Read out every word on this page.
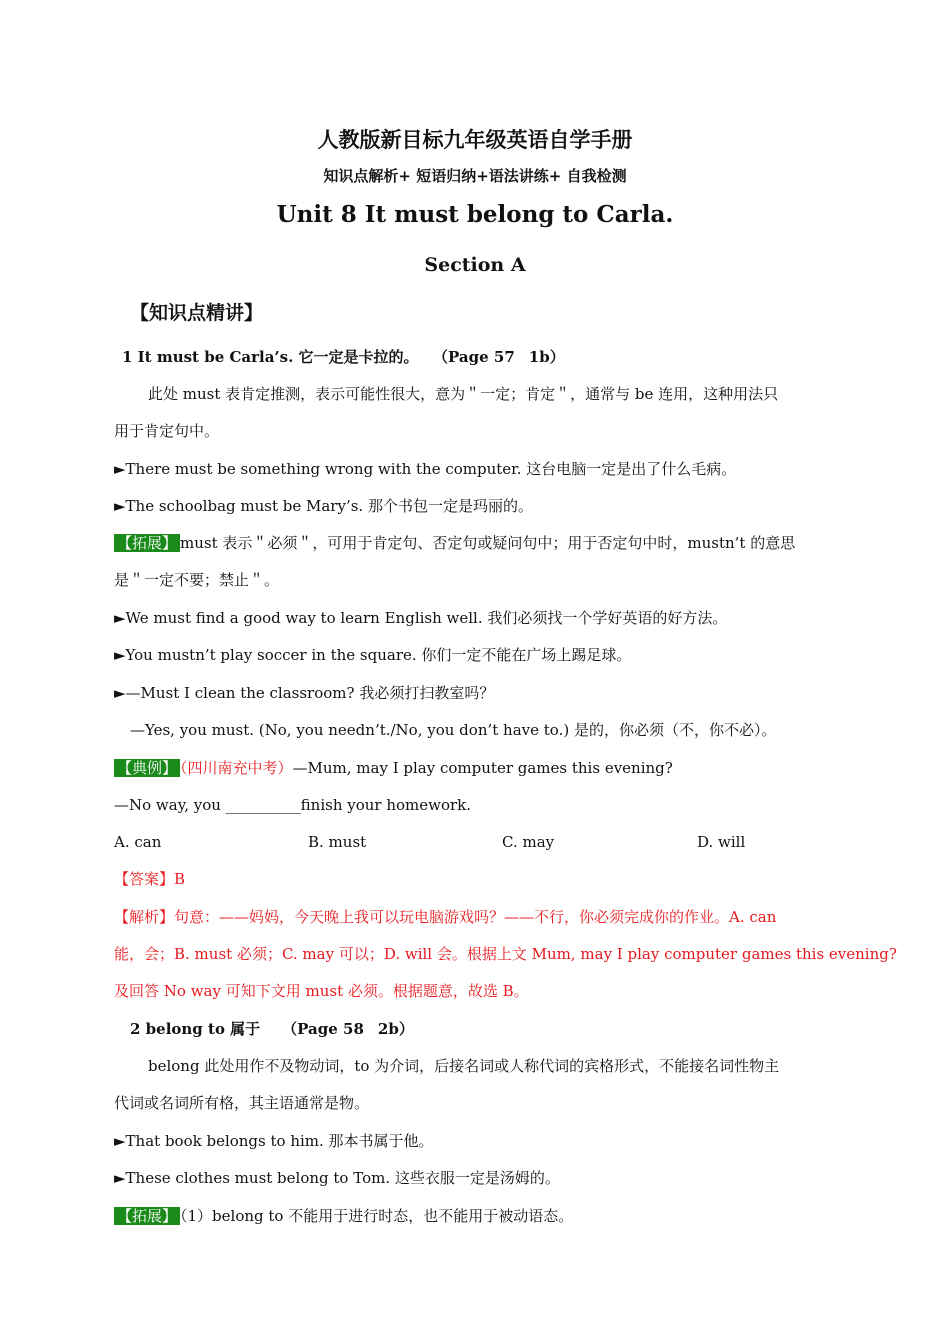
人教版新目标九年级英语自学手册
知识点解析+ 短语归纳+语法讲练+ 自我检测
Unit 8 It must belong to Carla.
Section A
【知识点精讲】
1 It must be Carla’s. 它一定是卡拉的。 （Page 57 1b）
此处 must 表肯定推测，表示可能性很大，意为＂一定；肯定＂，通常与 be 连用，这种用法只
用于肯定句中。
►There must be something wrong with the computer. 这台电脑一定是出了什么毛病。
►The schoolbag must be Mary’s. 那个书包一定是玛丽的。
【拓展】 must 表示＂必须＂，可用于肯定句、否定句或疑问句中；用于否定句中时，mustn’t 的意思
是＂一定不要；禁止＂。
►We must find a good way to learn English well. 我们必须找一个学好英语的好方法。
►You mustn’t play soccer in the square. 你们一定不能在广场上踢足球。
►—Must I clean the classroom? 我必须打扫教室吗？
—Yes, you must. (No, you needn’t./No, you don’t have to.) 是的，你必须（不，你不必）。
【典例】 （四川南充中考）—Mum, may I play computer games this evening?
—No way, you __________finish your homework.
A. can	B. must	C. may	D. will
【答案】B
【解析】句意：——妈妈，今天晚上我可以玩电脑游戏吗？——不行，你必须完成你的作业。A. can
能，会；B. must 必须；C. may 可以；D. will 会。根据上文 Mum, may I play computer games this evening?
及回答 No way 可知下文用 must 必须。根据题意，故选 B。
2 belong to 属于 （Page 58 2b）
belong 此处用作不及物动词，to 为介词，后接名词或人称代词的宾格形式，不能接名词性物主
代词或名词所有格，其主语通常是物。
►That book belongs to him. 那本书属于他。
►These clothes must belong to Tom. 这些衣服一定是汤姆的。
【拓展】 （1）belong to 不能用于进行时态，也不能用于被动语态。
